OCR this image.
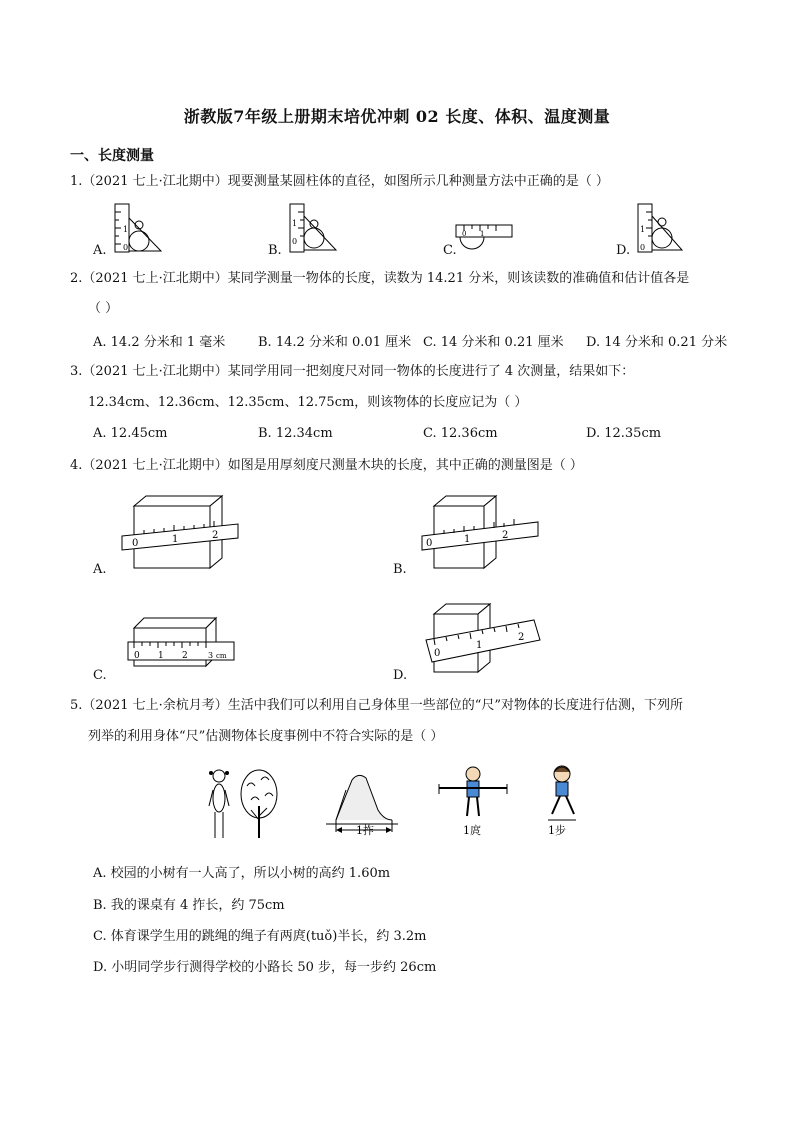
浙教版7年级上册期末培优冲刺 02 长度、体积、温度测量
一、长度测量
1.（2021 七上·江北期中）现要测量某圆柱体的直径，如图所示几种测量方法中正确的是（ ）
1
0
A.
1
0
B.
0 1
C.
1
0
D.
2.（2021 七上·江北期中）某同学测量一物体的长度，读数为 14.21 分米，则该读数的准确值和估计值各是
（ ）
A. 14.2 分米和 1 毫米	B. 14.2 分米和 0.01 厘米 C. 14 分米和 0.21 厘米 D. 14 分米和 0.21 分米
3.（2021 七上·江北期中）某同学用同一把刻度尺对同一物体的长度进行了 4 次测量，结果如下：
12.34cm、12.36cm、12.35cm、12.75cm，则该物体的长度应记为（ ）
A. 12.45cm	B. 12.34cm	C. 12.36cm	D. 12.35cm
4.（2021 七上·江北期中）如图是用厚刻度尺测量木块的长度，其中正确的测量图是（ ）
0	1	2
A.
0	1	2
B.
0 1 2	3 cm
C.
0
1
2
D.
5.（2021 七上·余杭月考）生活中我们可以利用自己身体里一些部位的“尺”对物体的长度进行估测，下列所
列举的利用身体“尺”估测物体长度事例中不符合实际的是（ ）
1拃	1庹	1步
A. 校园的小树有一人高了，所以小树的高约 1.60m
B. 我的课桌有 4 拃长，约 75cm
C. 体育课学生用的跳绳的绳子有两庹(tuǒ)半长，约 3.2m
D. 小明同学步行测得学校的小路长 50 步，每一步约 26cm
